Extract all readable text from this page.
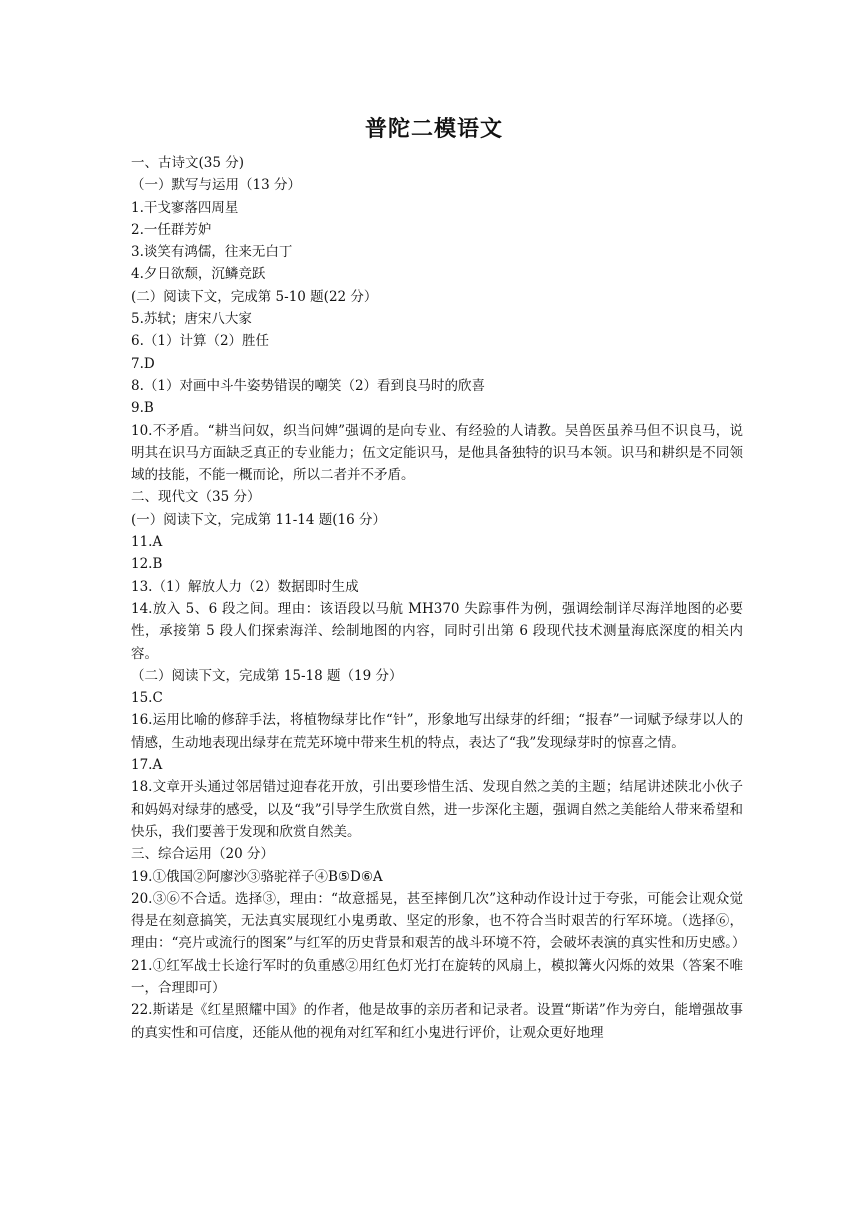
普陀二模语文

一、古诗文(35 分)

（一）默写与运用（13 分）

1.干戈寥落四周星

2.一任群芳妒

3.谈笑有鸿儒，往来无白丁

4.夕日欲颓，沉鳞竞跃

(二）阅读下文，完成第 5-10 题(22 分）

5.苏轼；唐宋八大家

6.（1）计算（2）胜任

7.D

8.（1）对画中斗牛姿势错误的嘲笑（2）看到良马时的欣喜

9.B

10.不矛盾。“耕当问奴，织当问婢”强调的是向专业、有经验的人请教。吴兽医虽养马但不识良马，说明其在识马方面缺乏真正的专业能力；伍文定能识马，是他具备独特的识马本领。识马和耕织是不同领域的技能，不能一概而论，所以二者并不矛盾。

二、现代文（35 分）

(一）阅读下文，完成第 11-14 题(16 分）

11.A

12.B

13.（1）解放人力（2）数据即时生成

14.放入 5、6 段之间。理由：该语段以马航 MH370 失踪事件为例，强调绘制详尽海洋地图的必要性，承接第 5 段人们探索海洋、绘制地图的内容，同时引出第 6 段现代技术测量海底深度的相关内容。

（二）阅读下文，完成第 15-18 题（19 分）

15.C

16.运用比喻的修辞手法，将植物绿芽比作“针”，形象地写出绿芽的纤细；“报春”一词赋予绿芽以人的情感，生动地表现出绿芽在荒芜环境中带来生机的特点，表达了“我”发现绿芽时的惊喜之情。

17.A

18.文章开头通过邻居错过迎春花开放，引出要珍惜生活、发现自然之美的主题；结尾讲述陕北小伙子和妈妈对绿芽的感受，以及“我”引导学生欣赏自然，进一步深化主题，强调自然之美能给人带来希望和快乐，我们要善于发现和欣赏自然美。

三、综合运用（20 分）

19.①俄国②阿廖沙③骆驼祥子④B⑤D⑥A

20.③⑥不合适。选择③，理由：“故意摇晃，甚至摔倒几次”这种动作设计过于夸张，可能会让观众觉得是在刻意搞笑，无法真实展现红小鬼勇敢、坚定的形象，也不符合当时艰苦的行军环境。（选择⑥，理由：“亮片或流行的图案”与红军的历史背景和艰苦的战斗环境不符，会破坏表演的真实性和历史感。）

21.①红军战士长途行军时的负重感②用红色灯光打在旋转的风扇上，模拟篝火闪烁的效果（答案不唯一，合理即可）

22.斯诺是《红星照耀中国》的作者，他是故事的亲历者和记录者。设置“斯诺”作为旁白，能增强故事的真实性和可信度，还能从他的视角对红军和红小鬼进行评价，让观众更好地理
